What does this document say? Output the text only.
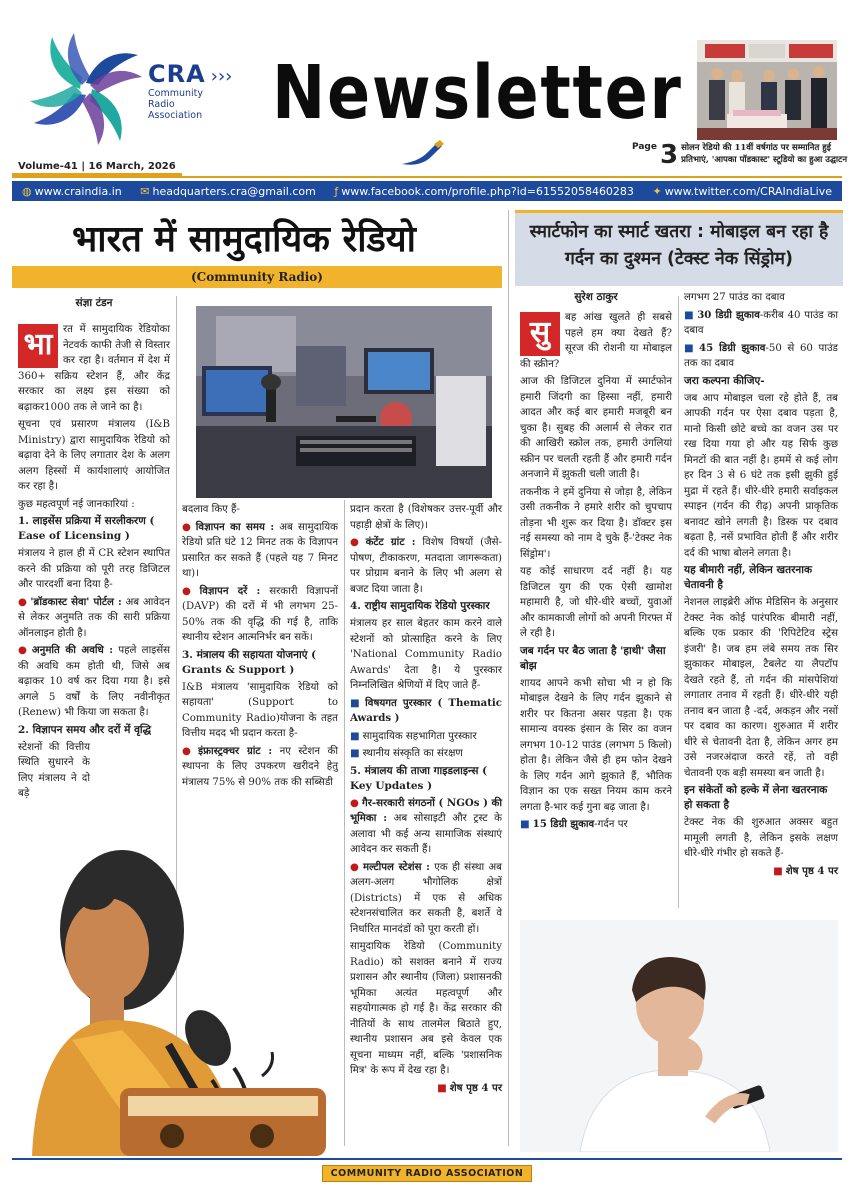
CRA ›››
Community
Radio
Association Newsletter
Volume-41 | 16 March, 2026
Page 3 सोलन रेडियो की 11वीं वर्षगांठ पर सम्मानित हुई
प्रतिभाएं, 'आपका पॉडकास्ट' स्टूडियो का हुआ उद्घाटन
◍ www.craindia.in ✉ headquarters.cra@gmail.com ƒ www.facebook.com/profile.php?id=61552058460283 ✦ www.twitter.com/CRAIndiaLive
भारत में सामुदायिक रेडियो
(Community Radio)
संज्ञा टंडन
भा	रत में सामुदायिक रेडियोका नेटवर्क काफी तेजी से विस्तार कर रहा है। वर्तमान में देश में 360+ सक्रिय स्टेशन हैं, और केंद्र सरकार का लक्ष्य इस संख्या को बढ़ाकर1000 तक ले जाने का है।

सूचना एवं प्रसारण मंत्रालय (I&B Ministry) द्वारा सामुदायिक रेडियो को बढ़ावा देने के लिए लगातार देश के अलग अलग हिस्सों में कार्यशालाएं आयोजित कर रहा है।

कुछ महत्वपूर्ण नई जानकारियां :

1. लाइसेंस प्रक्रिया में सरलीकरण ( Ease of Licensing )

मंत्रालय ने हाल ही में CR स्टेशन स्थापित करने की प्रक्रिया को पूरी तरह डिजिटल और पारदर्शी बना दिया है-

● 'ब्रॉडकास्ट सेवा' पोर्टल : अब आवेदन से लेकर अनुमति तक की सारी प्रक्रिया ऑनलाइन होती है।

● अनुमति की अवधि : पहले लाइसेंस की अवधि कम होती थी, जिसे अब बढ़ाकर 10 वर्ष कर दिया गया है। इसे अगले 5 वर्षों के लिए नवीनीकृत (Renew) भी किया जा सकता है।

2. विज्ञापन समय और दरों में वृद्धि

स्टेशनों की वित्तीय स्थिति सुधारने के लिए मंत्रालय ने दो बड़े

बदलाव किए हैं-

● विज्ञापन का समय : अब सामुदायिक रेडियो प्रति घंटे 12 मिनट तक के विज्ञापन प्रसारित कर सकते हैं (पहले यह 7 मिनट था)।

● विज्ञापन दरें : सरकारी विज्ञापनों (DAVP) की दरों में भी लगभग 25-50% तक की वृद्धि की गई है, ताकि स्थानीय स्टेशन आत्मनिर्भर बन सकें।

3. मंत्रालय की सहायता योजनाएं ( Grants & Support )

I&B मंत्रालय 'सामुदायिक रेडियो को सहायता' (Support to Community Radio)योजना के तहत वित्तीय मदद भी प्रदान करता है-

● इंफ्रास्ट्रक्चर ग्रांट : नए स्टेशन की स्थापना के लिए उपकरण खरीदने हेतु मंत्रालय 75% से 90% तक की सब्सिडी

प्रदान करता है (विशेषकर उत्तर-पूर्वी और पहाड़ी क्षेत्रों के लिए)।

● कंटेंट ग्रांट : विशेष विषयों (जैसे- पोषण, टीकाकरण, मतदाता जागरूकता) पर प्रोग्राम बनाने के लिए भी अलग से बजट दिया जाता है।

4. राष्ट्रीय सामुदायिक रेडियो पुरस्कार

मंत्रालय हर साल बेहतर काम करने वाले स्टेशनों को प्रोत्साहित करने के लिए 'National Community Radio Awards' देता है। ये पुरस्कार निम्नलिखित श्रेणियों में दिए जाते हैं-

■ विषयगत पुरस्कार ( Thematic Awards )

■ सामुदायिक सहभागिता पुरस्कार

■ स्थानीय संस्कृति का संरक्षण

5. मंत्रालय की ताजा गाइडलाइन्स ( Key Updates )

● गैर-सरकारी संगठनों ( NGOs ) की भूमिका : अब सोसाइटी और ट्रस्ट के अलावा भी कई अन्य सामाजिक संस्थाएं आवेदन कर सकती हैं।

● मल्टीपल स्टेशंस : एक ही संस्था अब अलग-अलग भौगोलिक क्षेत्रों (Districts) में एक से अधिक स्टेशनसंचालित कर सकती है, बशर्ते वे निर्धारित मानदंडों को पूरा करती हों।

सामुदायिक रेडियो (Community Radio) को सशक्त बनाने में राज्य प्रशासन और स्थानीय (जिला) प्रशासनकी भूमिका अत्यंत महत्वपूर्ण और सहयोगात्मक हो गई है। केंद्र सरकार की नीतियों के साथ तालमेल बिठाते हुए, स्थानीय प्रशासन अब इसे केवल एक सूचना माध्यम नहीं, बल्कि 'प्रशासनिक मित्र' के रूप में देख रहा है।

■ शेष पृष्ठ 4 पर

स्मार्टफोन का स्मार्ट खतरा : मोबाइल बन रहा है गर्दन का दुश्मन (टेक्स्ट नेक सिंड्रोम)
सुरेश ठाकुर
सु	बह आंख खुलते ही सबसे पहले हम क्या देखते हैं? सूरज की रोशनी या मोबाइल की स्क्रीन?

आज की डिजिटल दुनिया में स्मार्टफोन हमारी जिंदगी का हिस्सा नहीं, हमारी आदत और कई बार हमारी मजबूरी बन चुका है। सुबह की अलार्म से लेकर रात की आखिरी स्क्रोल तक, हमारी उंगलियां स्क्रीन पर चलती रहती हैं और हमारी गर्दन अनजाने में झुकती चली जाती है।

तकनीक ने हमें दुनिया से जोड़ा है, लेकिन उसी तकनीक ने हमारे शरीर को चुपचाप तोड़ना भी शुरू कर दिया है। डॉक्टर इस नई समस्या को नाम दे चुके हैं-'टेक्स्ट नेक सिंड्रोम'।

यह कोई साधारण दर्द नहीं है। यह डिजिटल युग की एक ऐसी खामोश महामारी है, जो धीरे-धीरे बच्चों, युवाओं और कामकाजी लोगों को अपनी गिरफ्त में ले रही है।

जब गर्दन पर बैठ जाता है 'हाथी' जैसा बोझ

शायद आपने कभी सोचा भी न हो कि मोबाइल देखने के लिए गर्दन झुकाने से शरीर पर कितना असर पड़ता है। एक सामान्य वयस्क इंसान के सिर का वजन लगभग 10-12 पाउंड (लगभग 5 किलो) होता है। लेकिन जैसे ही हम फोन देखने के लिए गर्दन आगे झुकाते हैं, भौतिक विज्ञान का एक सख्त नियम काम करने लगता है-भार कई गुना बढ़ जाता है।

■ 15 डिग्री झुकाव-गर्दन पर

लगभग 27 पाउंड का दबाव

■ 30 डिग्री झुकाव-करीब 40 पाउंड का दबाव

■ 45 डिग्री झुकाव-50 से 60 पाउंड तक का दबाव

जरा कल्पना कीजिए-

जब आप मोबाइल चला रहे होते हैं, तब आपकी गर्दन पर ऐसा दबाव पड़ता है, मानो किसी छोटे बच्चे का वजन उस पर रख दिया गया हो और यह सिर्फ कुछ मिनटों की बात नहीं है। हममें से कई लोग हर दिन 3 से 6 घंटे तक इसी झुकी हुई मुद्रा में रहते हैं। धीरे-धीरे हमारी सर्वाइकल स्पाइन (गर्दन की रीढ़) अपनी प्राकृतिक बनावट खोने लगती है। डिस्क पर दबाव बढ़ता है, नसें प्रभावित होती हैं और शरीर दर्द की भाषा बोलने लगता है।

यह बीमारी नहीं, लेकिन खतरनाक चेतावनी है

नेशनल लाइब्रेरी ऑफ मेडिसिन के अनुसार टेक्स्ट नेक कोई पारंपरिक बीमारी नहीं, बल्कि एक प्रकार की 'रिपिटेटिव स्ट्रेस इंजरी' है। जब हम लंबे समय तक सिर झुकाकर मोबाइल, टैबलेट या लैपटॉप देखते रहते हैं, तो गर्दन की मांसपेशियां लगातार तनाव में रहती हैं। धीरे-धीरे यही तनाव बन जाता है -दर्द, अकड़न और नसों पर दबाव का कारण। शुरुआत में शरीर धीरे से चेतावनी देता है, लेकिन अगर हम उसे नजरअंदाज करते रहें, तो वही चेतावनी एक बड़ी समस्या बन जाती है।

इन संकेतों को हल्के में लेना खतरनाक हो सकता है

टेक्स्ट नेक की शुरुआत अक्सर बहुत मामूली लगती है, लेकिन इसके लक्षण धीरे-धीरे गंभीर हो सकते हैं-

■ शेष पृष्ठ 4 पर

COMMUNITY RADIO ASSOCIATION
